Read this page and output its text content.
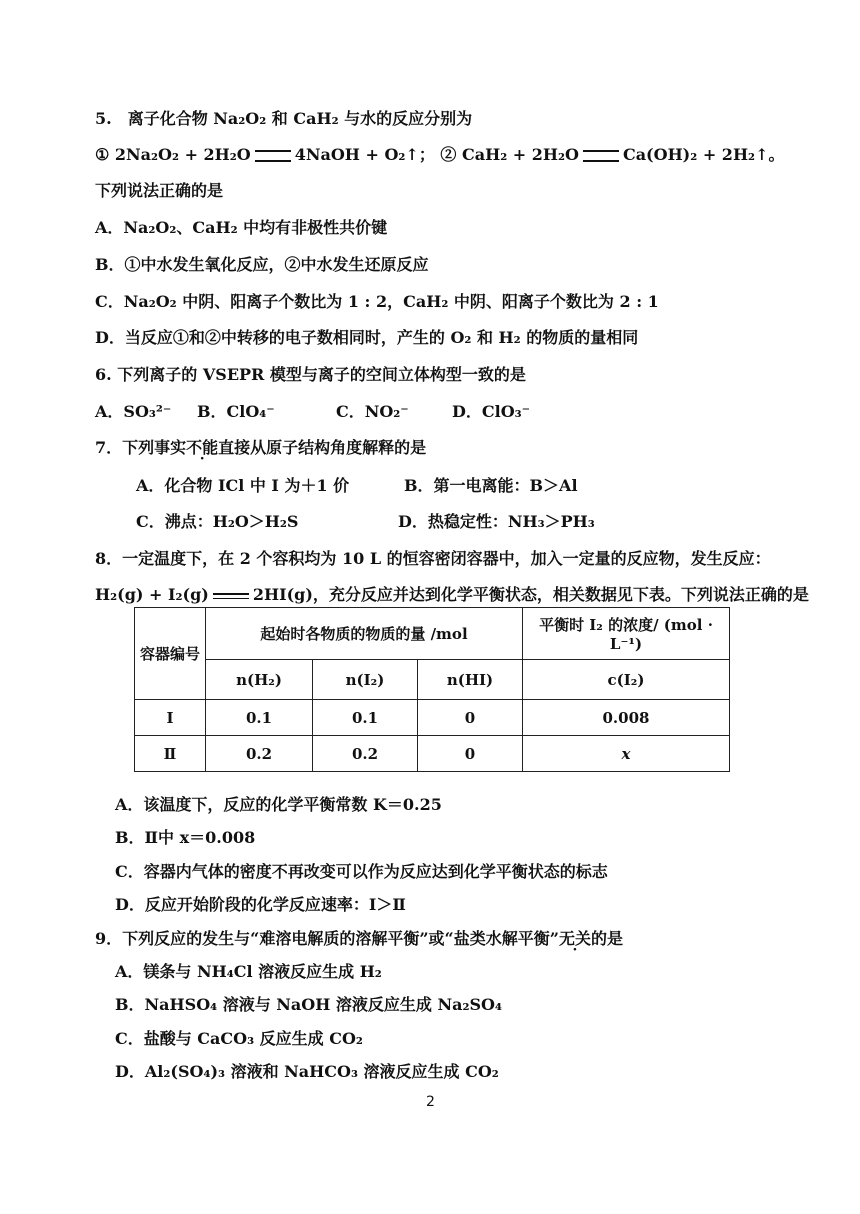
5.　离子化合物 Na₂O₂ 和 CaH₂ 与水的反应分别为
① 2Na₂O₂ + 2H₂O	4NaOH + O₂↑； ② CaH₂ + 2H₂O	Ca(OH)₂ + 2H₂↑。
下列说法正确的是
A．Na₂O₂、CaH₂ 中均有非极性共价键
B．①中水发生氧化反应，②中水发生还原反应
C．Na₂O₂ 中阴、阳离子个数比为 1 : 2，CaH₂ 中阴、阳离子个数比为 2 : 1
D．当反应①和②中转移的电子数相同时，产生的 O₂ 和 H₂ 的物质的量相同
6. 下列离子的 VSEPR 模型与离子的空间立体构型一致的是
A．SO₃²⁻ B．ClO₄⁻	C．NO₂⁻	D．ClO₃⁻
7．下列事实不能直接从原子结构角度解释的是
A．化合物 ICl 中 I 为＋1 价	B．第一电离能：B＞Al
C．沸点：H₂O＞H₂S	D．热稳定性：NH₃＞PH₃
8．一定温度下，在 2 个容积均为 10 L 的恒容密闭容器中，加入一定量的反应物，发生反应：
H₂(g) + I₂(g)	2HI(g)，充分反应并达到化学平衡状态，相关数据见下表。下列说法正确的是
容器编号	起始时各物质的物质的量 /mol			平衡时 I₂ 的浓度/ (mol · L⁻¹)
	n(H₂)	n(I₂)	n(HI)	c(I₂)
Ⅰ	0.1	0.1	0	0.008
Ⅱ	0.2	0.2	0	x
A．该温度下，反应的化学平衡常数 K＝0.25
B．Ⅱ中 x＝0.008
C．容器内气体的密度不再改变可以作为反应达到化学平衡状态的标志
D．反应开始阶段的化学反应速率：Ⅰ＞Ⅱ
9．下列反应的发生与“难溶电解质的溶解平衡”或“盐类水解平衡”无关的是
A．镁条与 NH₄Cl 溶液反应生成 H₂
B．NaHSO₄ 溶液与 NaOH 溶液反应生成 Na₂SO₄
C．盐酸与 CaCO₃ 反应生成 CO₂
D．Al₂(SO₄)₃ 溶液和 NaHCO₃ 溶液反应生成 CO₂
2
